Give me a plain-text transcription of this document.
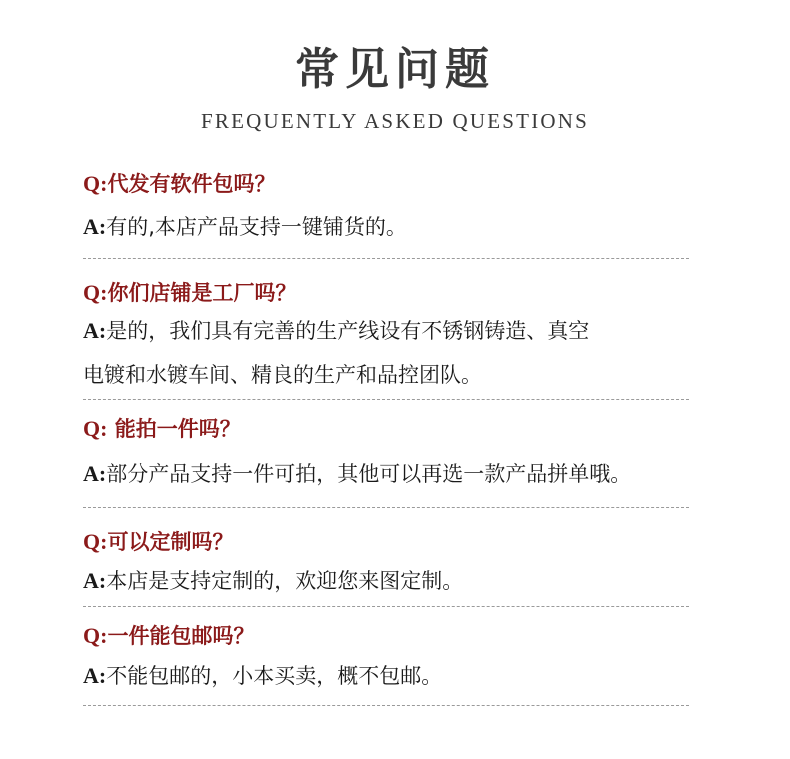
常见问题
FREQUENTLY ASKED QUESTIONS
Q:代发有软件包吗？
A:有的,本店产品支持一键铺货的。
Q:你们店铺是工厂吗？
A:是的，我们具有完善的生产线设有不锈钢铸造、真空
电镀和水镀车间、精良的生产和品控团队。
Q: 能拍一件吗？
A:部分产品支持一件可拍，其他可以再选一款产品拼单哦。
Q:可以定制吗？
A:本店是支持定制的，欢迎您来图定制。
Q:一件能包邮吗？
A:不能包邮的，小本买卖，概不包邮。
